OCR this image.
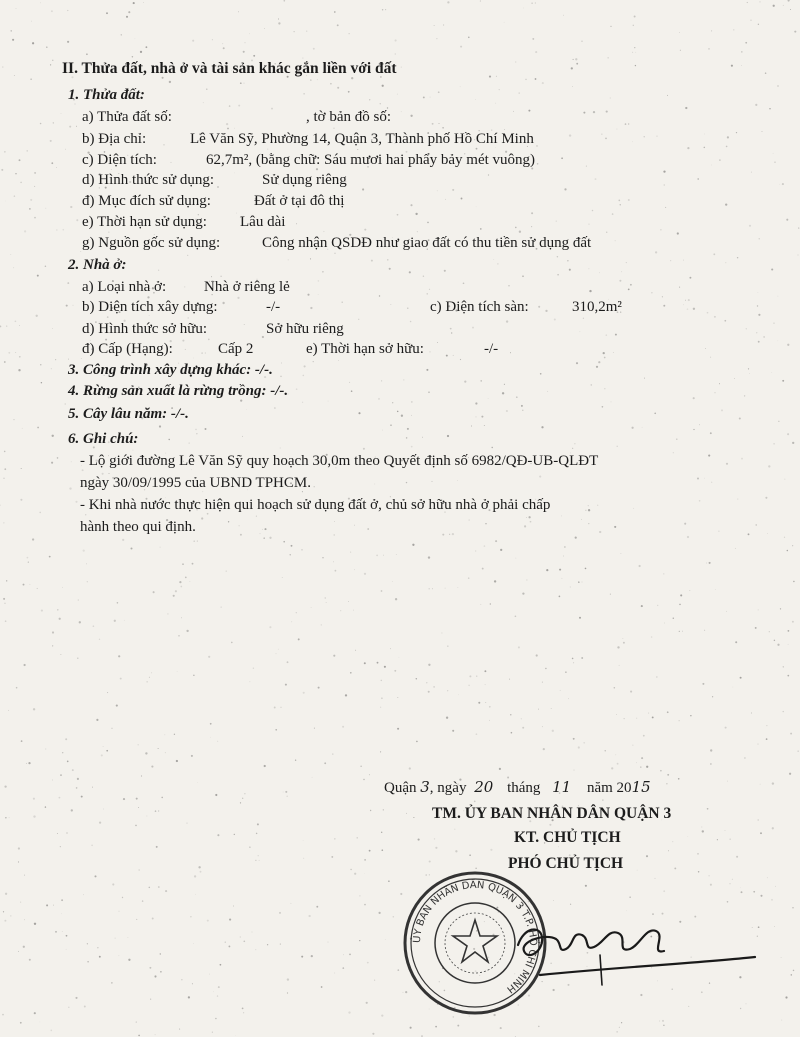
II. Thửa đất, nhà ở và tài sản khác gắn liền với đất
1. Thửa đất:
a) Thửa đất số:	, tờ bản đồ số:
b) Địa chỉ:	Lê Văn Sỹ, Phường 14, Quận 3, Thành phố Hồ Chí Minh
c) Diện tích:	62,7m², (bằng chữ: Sáu mươi hai phẩy bảy mét vuông)
d) Hình thức sử dụng:	Sử dụng riêng
đ) Mục đích sử dụng:	Đất ở tại đô thị
e) Thời hạn sử dụng: Lâu dài
g) Nguồn gốc sử dụng:	Công nhận QSDĐ như giao đất có thu tiền sử dụng đất
2. Nhà ở:
a) Loại nhà ở:	Nhà ở riêng lẻ
b) Diện tích xây dựng:	-/-	c) Diện tích sàn:	310,2m²
d) Hình thức sở hữu:	Sở hữu riêng
đ) Cấp (Hạng):	Cấp 2	e) Thời hạn sở hữu:	-/-
3. Công trình xây dựng khác: -/-.
4. Rừng sản xuất là rừng trồng: -/-.
5. Cây lâu năm: -/-.
6. Ghi chú:
- Lộ giới đường Lê Văn Sỹ quy hoạch 30,0m theo Quyết định số 6982/QĐ-UB-QLĐT
ngày 30/09/1995 của UBND TPHCM.
- Khi nhà nước thực hiện qui hoạch sử dụng đất ở, chủ sở hữu nhà ở phải chấp
hành theo qui định.
Quận 3, ngày 20 tháng 11 năm 2015
TM. ỦY BAN NHÂN DÂN QUẬN 3
KT. CHỦ TỊCH
PHÓ CHỦ TỊCH
ỦY BAN NHÂN DÂN QUẬN 3 T.P. HỒ CHÍ MINH
